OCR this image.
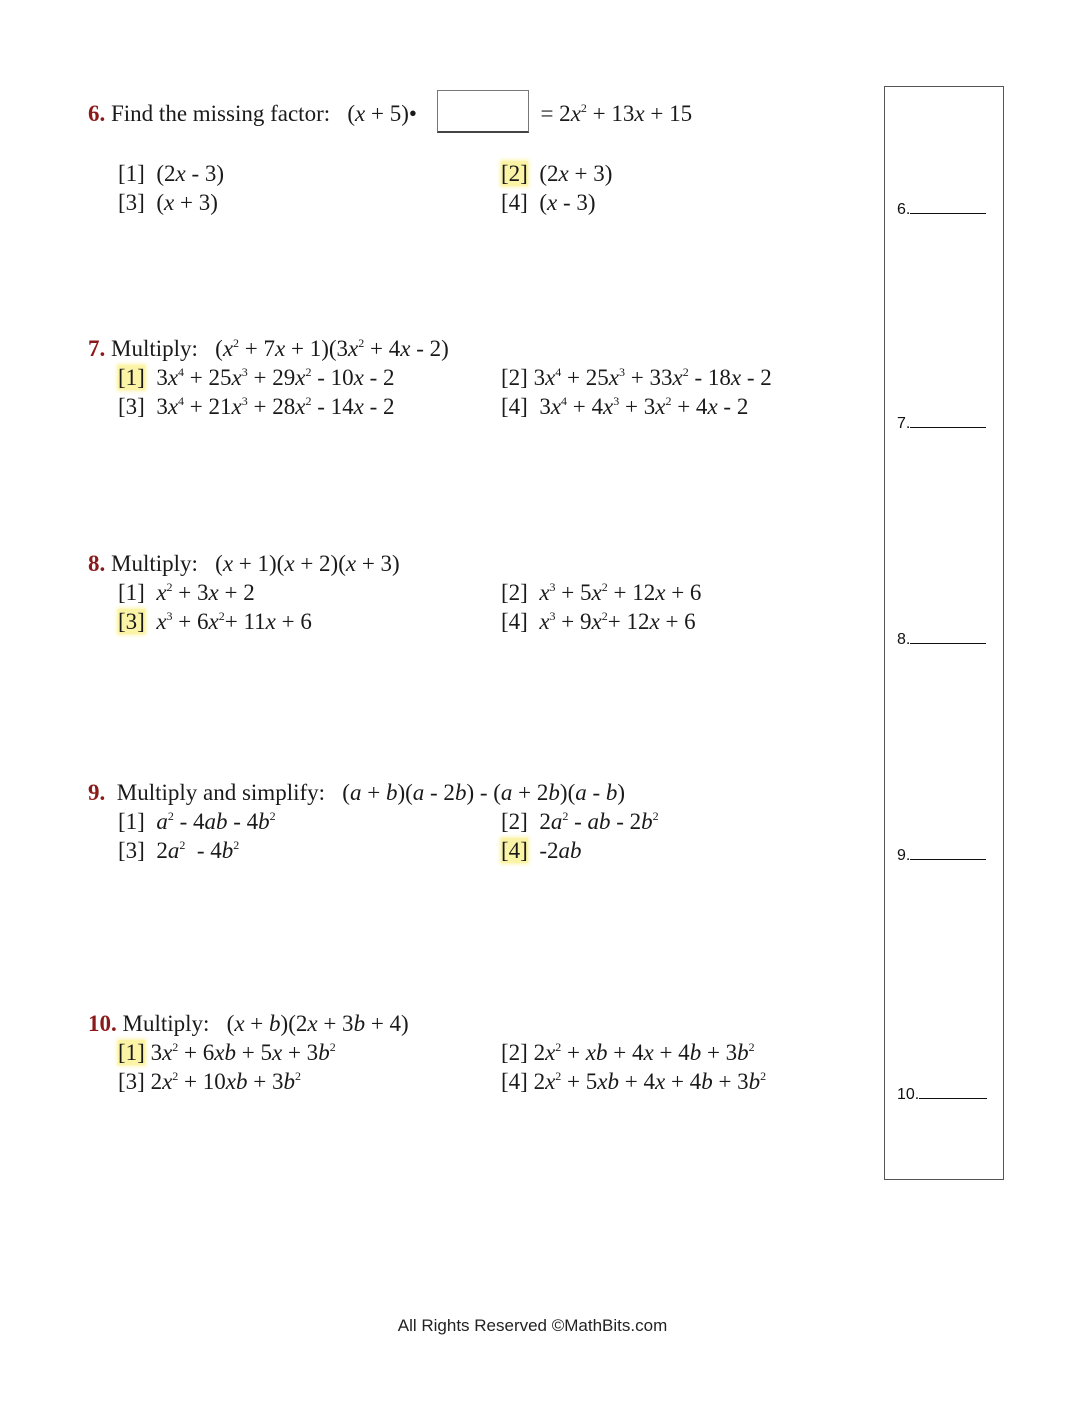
6. Find the missing factor: (x + 5)•	= $2x^2 + 13x + 15$
[1]  (2x - 3)	[2]  (2x + 3)
[3]  (x + 3)	[4]  (x - 3)
7. Multiply: $(x^2 + 7x + 1)(3x^2 + 4x - 2)$
[1]  $3x^4 + 25x^3 + 29x^2 - 10x - 2$	[2] $3x^4 + 25x^3 + 33x^2 - 18x - 2$
[3]  $3x^4 + 21x^3 + 28x^2 - 14x - 2$	[4]  $3x^4 + 4x^3 + 3x^2 + 4x - 2$
8. Multiply: (x + 1)(x + 2)(x + 3)
[1] $x^2 + 3x + 2$	[2] $x^3 + 5x^2 + 12x + 6$
[3] $x^3 + 6x^2+ 11x + 6$	[4] $x^3 + 9x^2+ 12x + 6$
9. Multiply and simplify: (a + b)(a - 2b) - (a + 2b)(a - b)
[1] $a^2 - 4ab - 4b^2$	[2]  $2a^2$ - ab - $2b^2$
[3]  $2a^2 - 4b^2$	[4]  -2ab
10. Multiply: (x + b)(2x + 3b + 4)
[1] $3x^2 + 6xb + 5x + 3b^2$	[2] $2x^2$ + xb + $4x + 4b + 3b^2$
[3] $2x^2 + 10xb + 3b^2$	[4] $2x^2 + 5xb + 4x + 4b + 3b^2$
6.
7.
8.
9.
10.
All Rights Reserved ©MathBits.com
